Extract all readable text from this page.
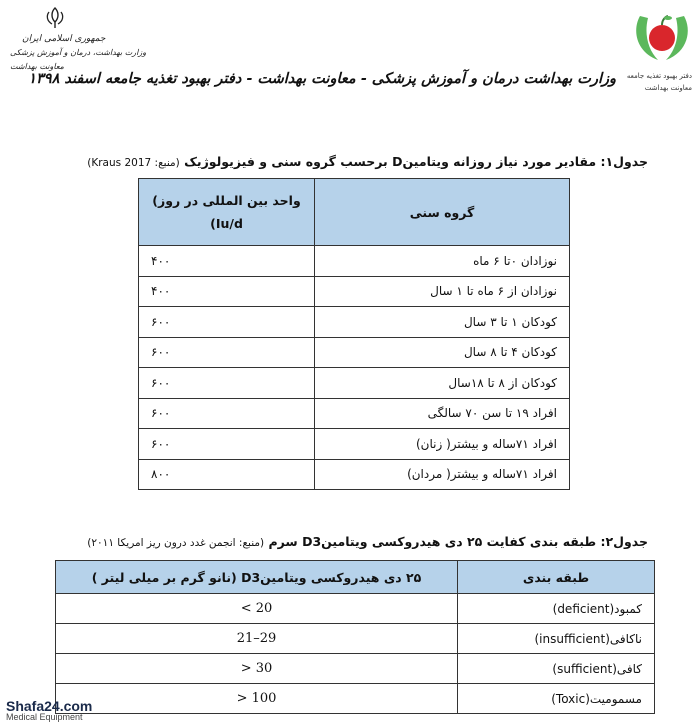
جمهوری اسلامی ایران
وزارت بهداشت، درمان و آموزش پزشکی
معاونت بهداشت
دفتر بهبود تغذیه جامعه
معاونت بهداشت
وزارت بهداشت درمان و آموزش پزشکی - معاونت بهداشت - دفتر بهبود تغذیه جامعه اسفند ۱۳۹۸
جدول۱: مقادیر مورد نیاز روزانه ویتامینD برحسب گروه سنی و فیزیولوژیک (منبع: Kraus 2017)
گروه سنی	واحد بین المللی در روز)
(Iu/d

نوزادان ۰تا ۶ ماه	۴۰۰
نوزادان از ۶ ماه تا ۱ سال	۴۰۰
کودکان ۱ تا ۳ سال	۶۰۰
کودکان ۴ تا ۸ سال	۶۰۰
کودکان از ۸ تا ۱۸سال	۶۰۰
افراد ۱۹ تا سن ۷۰ سالگی	۶۰۰
افراد ۷۱ساله و بیشتر( زنان)	۶۰۰
افراد ۷۱ساله و بیشتر( مردان)	۸۰۰
جدول۲: طبقه بندی کفایت ۲۵ دی هیدروکسی ویتامینD3 سرم (منبع: انجمن غدد درون ریز امریکا ۲۰۱۱)
طبقه بندی	۲۵ دی هیدروکسی ویتامینD3 (نانو گرم بر میلی لیتر )
کمبود(deficient)	< 20
ناکافی(insufficient)	21–29
کافی(sufficient)	> 30
مسمومیت(Toxic)	> 100
Shafa24.com
Medical Equipment
